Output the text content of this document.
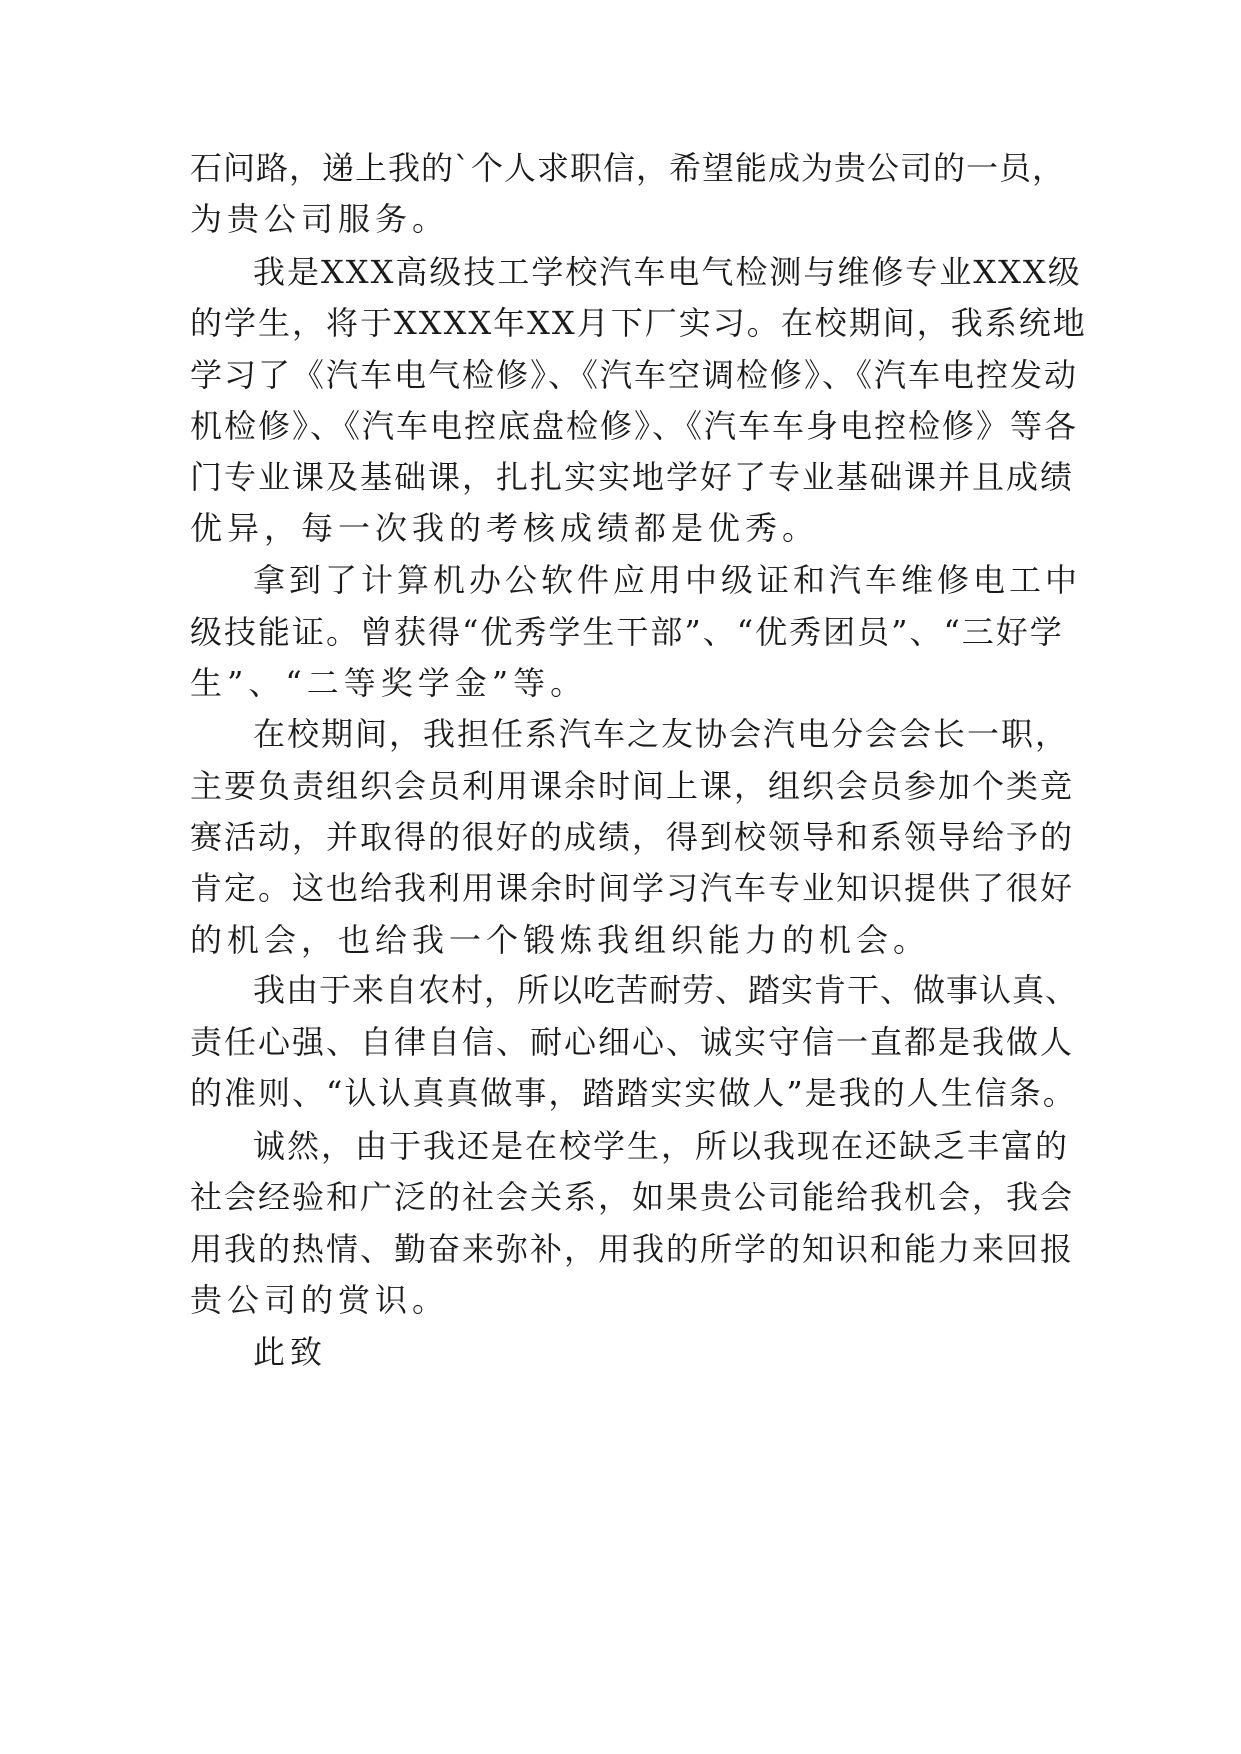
石问路，递上我的`个人求职信，希望能成为贵公司的一员，
为贵公司服务。
我是XXX高级技工学校汽车电气检测与维修专业XXX级
的学生，将于XXXX年XX月下厂实习。在校期间，我系统地
学习了《汽车电气检修》、《汽车空调检修》、《汽车电控发动
机检修》、《汽车电控底盘检修》、《汽车车身电控检修》等各
门专业课及基础课，扎扎实实地学好了专业基础课并且成绩
优异，每一次我的考核成绩都是优秀。
拿到了计算机办公软件应用中级证和汽车维修电工中
级技能证。曾获得“优秀学生干部”、“优秀团员”、“三好学
生”、“二等奖学金”等。
在校期间，我担任系汽车之友协会汽电分会会长一职，
主要负责组织会员利用课余时间上课，组织会员参加个类竞
赛活动，并取得的很好的成绩，得到校领导和系领导给予的
肯定。这也给我利用课余时间学习汽车专业知识提供了很好
的机会，也给我一个锻炼我组织能力的机会。
我由于来自农村，所以吃苦耐劳、踏实肯干、做事认真、
责任心强、自律自信、耐心细心、诚实守信一直都是我做人
的准则、“认认真真做事，踏踏实实做人”是我的人生信条。
诚然，由于我还是在校学生，所以我现在还缺乏丰富的
社会经验和广泛的社会关系，如果贵公司能给我机会，我会
用我的热情、勤奋来弥补，用我的所学的知识和能力来回报
贵公司的赏识。
此致
